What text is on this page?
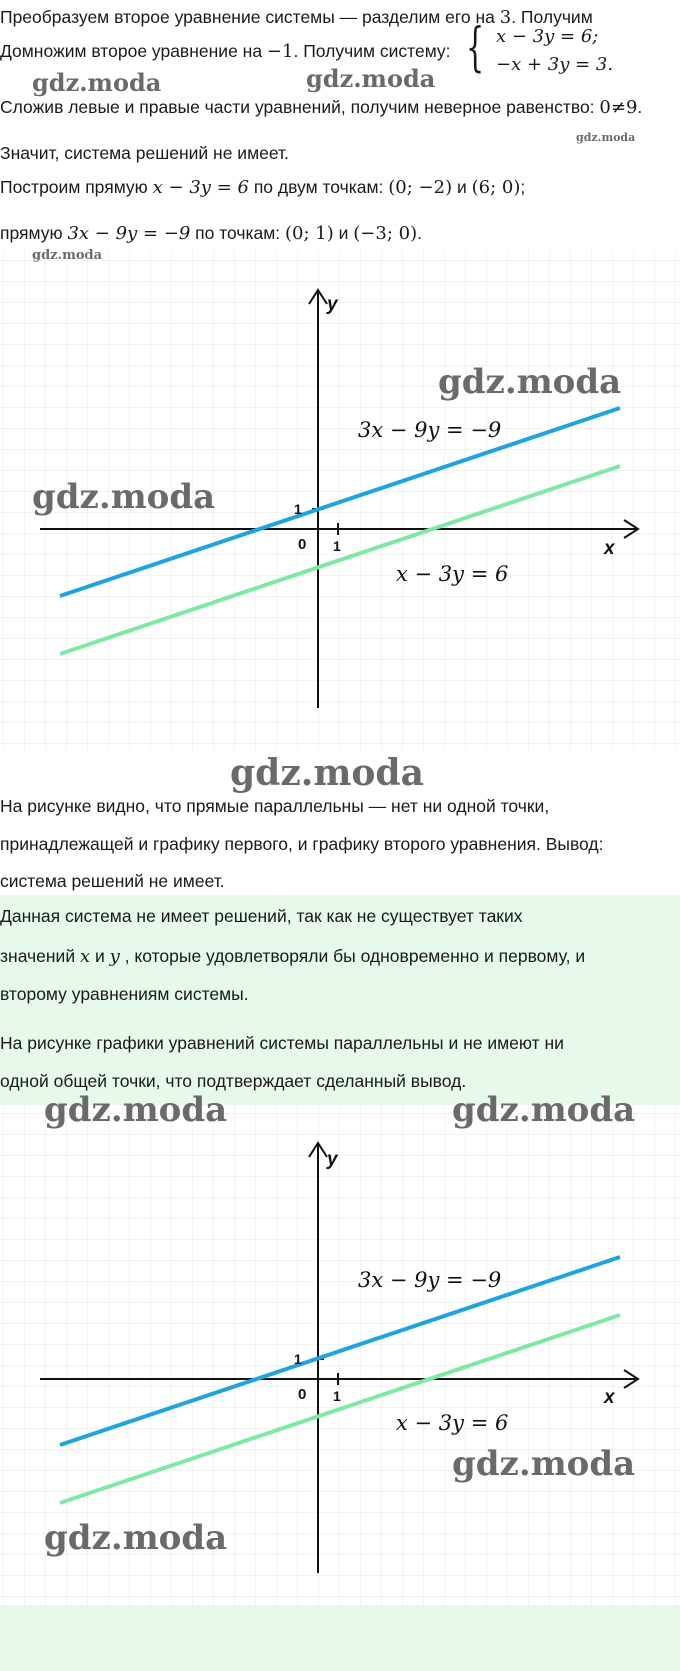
Преобразуем второе уравнение системы — разделим его на 3. Получим
Домножим второе уравнение на −1. Получим систему: { x − 3y = 6;
−x + 3y = 3.
gdz.moda	gdz.moda
Сложив левые и правые части уравнений, получим неверное равенство: 0≠9.
gdz.moda
Значит, система решений не имеет.
Построим прямую x − 3y = 6 по двум точкам: (0; −2) и (6; 0);
прямую 3x − 9y = −9 по точкам: (0; 1) и (−3; 0).
y
x
0 1
1
3x − 9y = −9
x − 3y = 6
gdz.moda
gdz.moda
gdz.moda
На рисунке видно, что прямые параллельны — нет ни одной точки,
принадлежащей и графику первого, и графику второго уравнения. Вывод:
система решений не имеет.
Данная система не имеет решений, так как не существует таких
значений x и y , которые удовлетворяли бы одновременно и первому, и
второму уравнениям системы.
На рисунке графики уравнений системы параллельны и не имеют ни
одной общей точки, что подтверждает сделанный вывод.
y
x
0 1
1
3x − 9y = −9
x − 3y = 6
gdz.moda
gdz.moda
gdz.moda	gdz.moda
